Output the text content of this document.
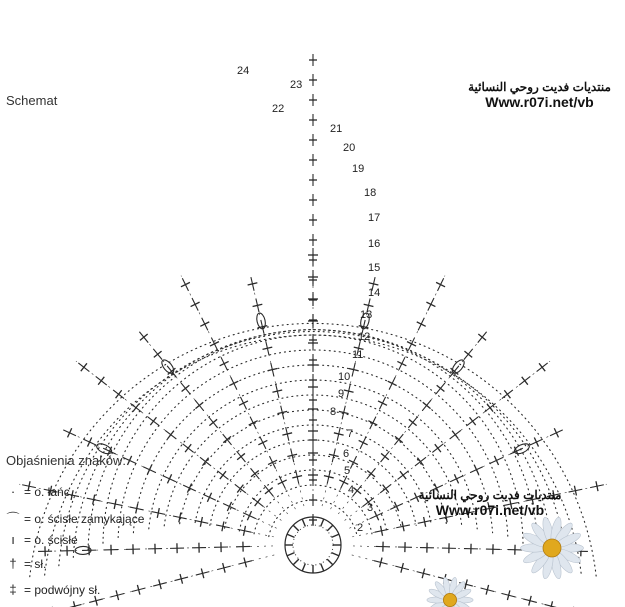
2
3
4
5
6
7
8
9
10
11
12
13
14
15
16
17
18
19
20
21
22
23
24
Schemat
منتديات فديت روحي النسائية
Www.r07i.net/vb
منتديات فديت روحي النسائية
Www.r07i.net/vb
Objaśnienia znaków:
· = o. łańc.
⌒ = o. ścisłe zamykające
ı = o. ścisłe
† = sł.
‡ = podwójny sł.
